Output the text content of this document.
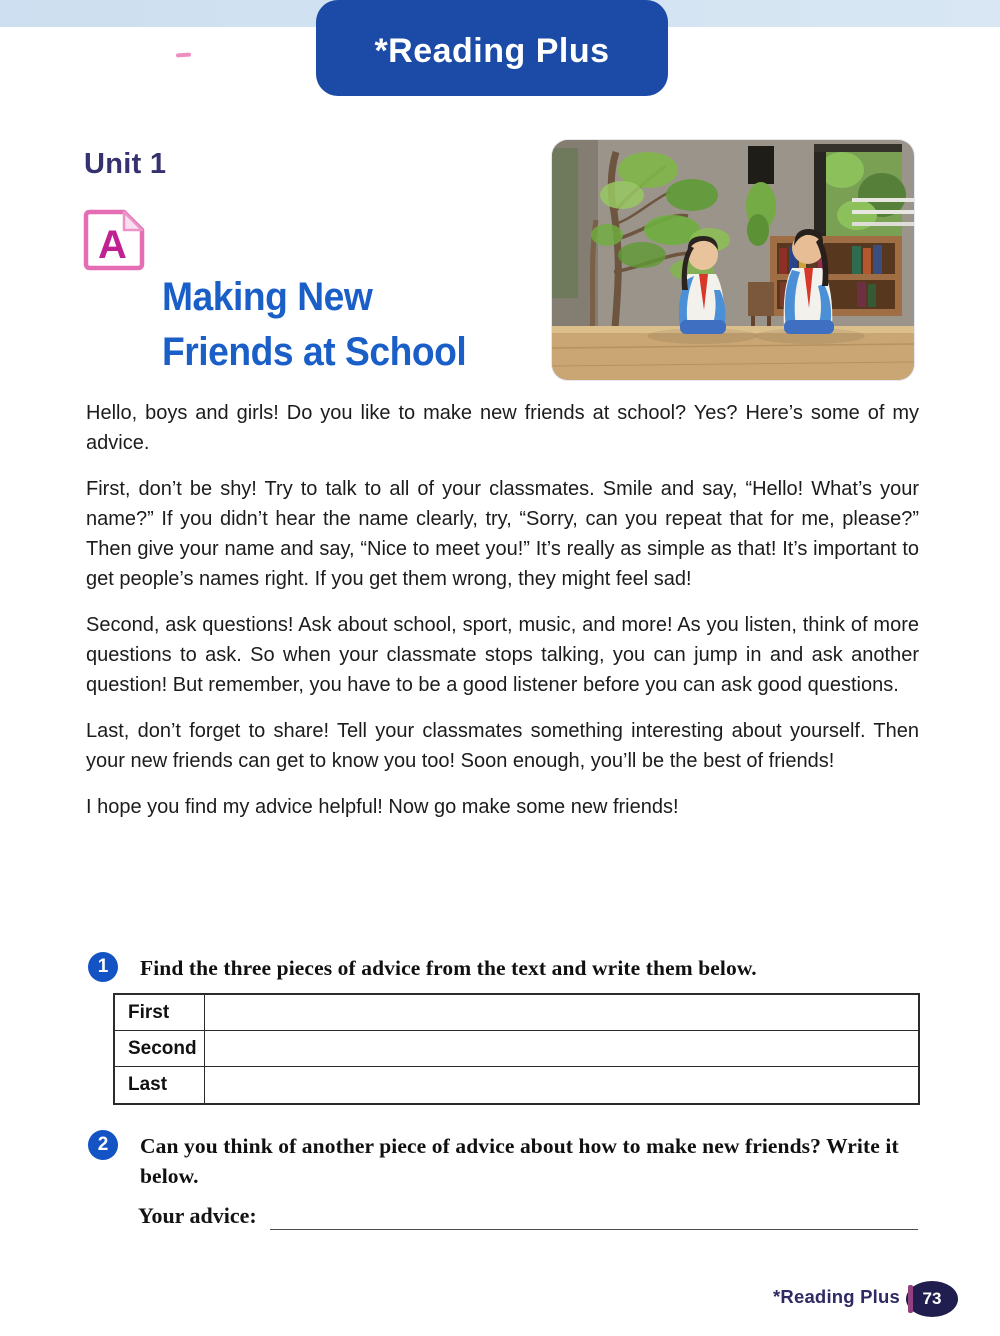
*Reading Plus
Unit 1
A
Making New
Friends at School

Hello, boys and girls! Do you like to make new friends at school? Yes? Here’s some of my advice.

First, don’t be shy! Try to talk to all of your classmates. Smile and say, “Hello! What’s your name?” If you didn’t hear the name clearly, try, “Sorry, can you repeat that for me, please?” Then give your name and say, “Nice to meet you!” It’s really as simple as that! It’s important to get people’s names right. If you get them wrong, they might feel sad!

Second, ask questions! Ask about school, sport, music, and more! As you listen, think of more questions to ask. So when your classmate stops talking, you can jump in and ask another question! But remember, you have to be a good listener before you can ask good questions.

Last, don’t forget to share! Tell your classmates something interesting about yourself. Then your new friends can get to know you too! Soon enough, you’ll be the best of friends!

I hope you find my advice helpful! Now go make some new friends!

1 Find the three pieces of advice from the text and write them below.
First
Second
Last
2 Can you think of another piece of advice about how to make new friends? Write it below.
Your advice:
*Reading Plus 73
